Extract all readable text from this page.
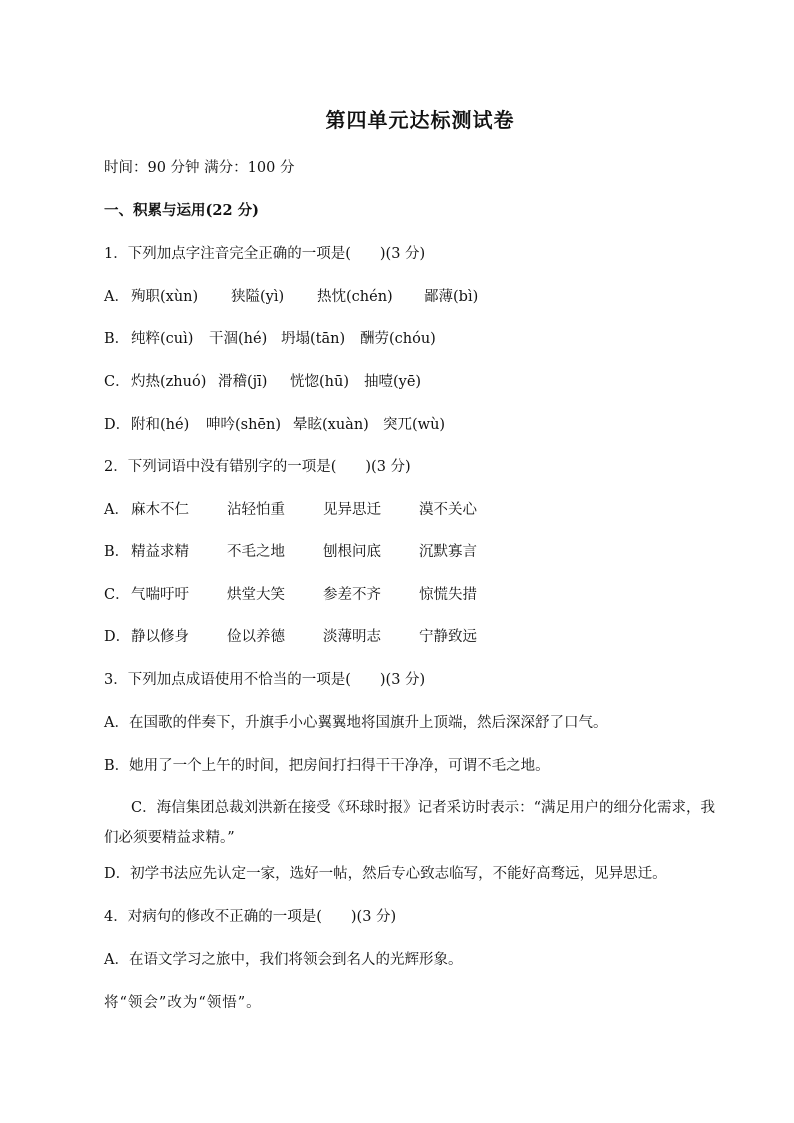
第四单元达标测试卷
时间：90 分钟 满分：100 分
一、积累与运用(22 分)
1．下列加点字注音完全正确的一项是(　　)(3 分)
A． 殉职(xùn) 狭隘(yì) 热忱(chén) 鄙薄(bì)
B． 纯粹(cuì) 干涸(hé) 坍塌(tān) 酬劳(chóu)
C．灼热(zhuó) 滑稽(jī) 恍惚(hū) 抽噎(yē)
D．附和(hé) 呻吟(shēn) 晕眩(xuàn) 突兀(wù)
2．下列词语中没有错别字的一项是(　　)(3 分)
A． 麻木不仁	沾轻怕重	见异思迁	漠不关心
B． 精益求精	不毛之地	刨根问底	沉默寡言
C．气喘吁吁	烘堂大笑	参差不齐	惊慌失措
D．静以修身	俭以养德	淡薄明志	宁静致远
3．下列加点成语使用不恰当的一项是(　　)(3 分)
A．在国歌的伴奏下，升旗手小心翼翼地将国旗升上顶端，然后深深舒了口气。
B．她用了一个上午的时间，把房间打扫得干干净净，可谓不毛之地。
C．海信集团总裁刘洪新在接受《环球时报》记者采访时表示：“满足用户的细分化需求，我们必须要精益求精。”
D．初学书法应先认定一家，选好一帖，然后专心致志临写，不能好高骛远，见异思迁。
4．对病句的修改不正确的一项是(　　)(3 分)
A．在语文学习之旅中，我们将领会到名人的光辉形象。
将“领会”改为“领悟”。
